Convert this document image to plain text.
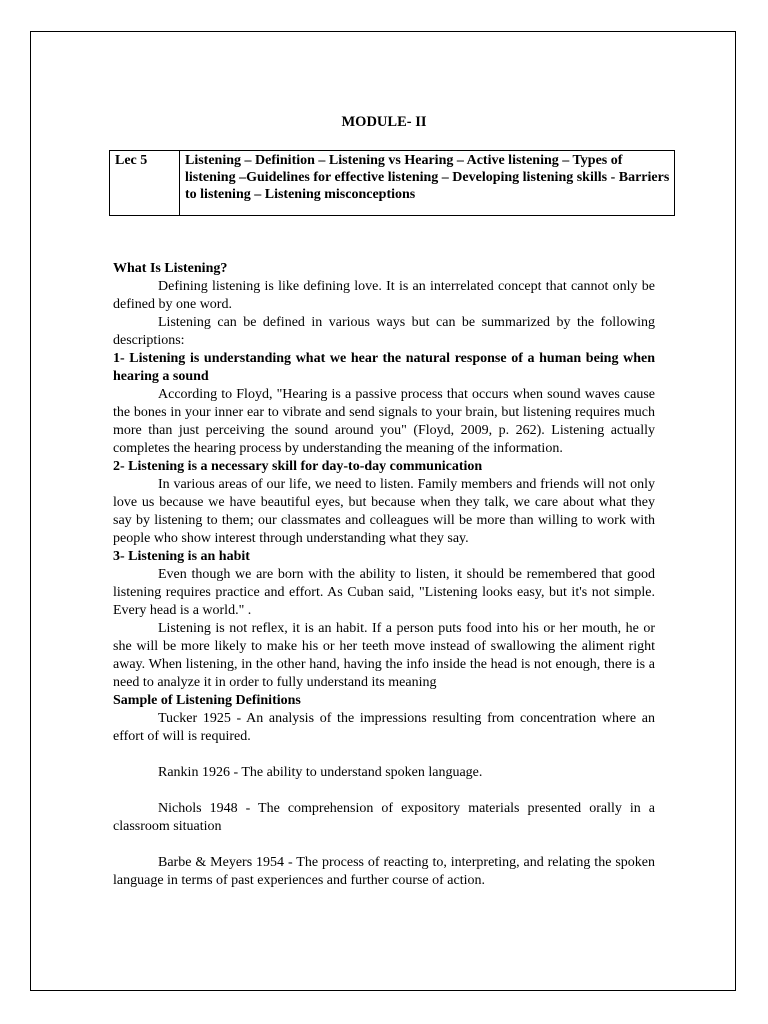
MODULE- II
Lec 5	Listening – Definition – Listening vs Hearing – Active listening – Types of listening –Guidelines for effective listening – Developing listening skills - Barriers to listening – Listening misconceptions

What Is Listening?

Defining listening is like defining love. It is an interrelated concept that cannot only be defined by one word.

Listening can be defined in various ways but can be summarized by the following descriptions:

1- Listening is understanding what we hear the natural response of a human being when hearing a sound

According to Floyd, "Hearing is a passive process that occurs when sound waves cause the bones in your inner ear to vibrate and send signals to your brain, but listening requires much more than just perceiving the sound around you" (Floyd, 2009, p. 262). Listening actually completes the hearing process by understanding the meaning of the information.

2- Listening is a necessary skill for day-to-day communication

In various areas of our life, we need to listen. Family members and friends will not only love us because we have beautiful eyes, but because when they talk, we care about what they say by listening to them; our classmates and colleagues will be more than willing to work with people who show interest through understanding what they say.

3- Listening is an habit

Even though we are born with the ability to listen, it should be remembered that good listening requires practice and effort. As Cuban said, "Listening looks easy, but it's not simple. Every head is a world." .

Listening is not reflex, it is an habit. If a person puts food into his or her mouth, he or she will be more likely to make his or her teeth move instead of swallowing the aliment right away. When listening, in the other hand, having the info inside the head is not enough, there is a need to analyze it in order to fully understand its meaning

Sample of Listening Definitions

Tucker 1925 - An analysis of the impressions resulting from concentration where an effort of will is required.

Rankin 1926 - The ability to understand spoken language.

Nichols 1948 - The comprehension of expository materials presented orally in a classroom situation

Barbe & Meyers 1954 - The process of reacting to, interpreting, and relating the spoken language in terms of past experiences and further course of action.
